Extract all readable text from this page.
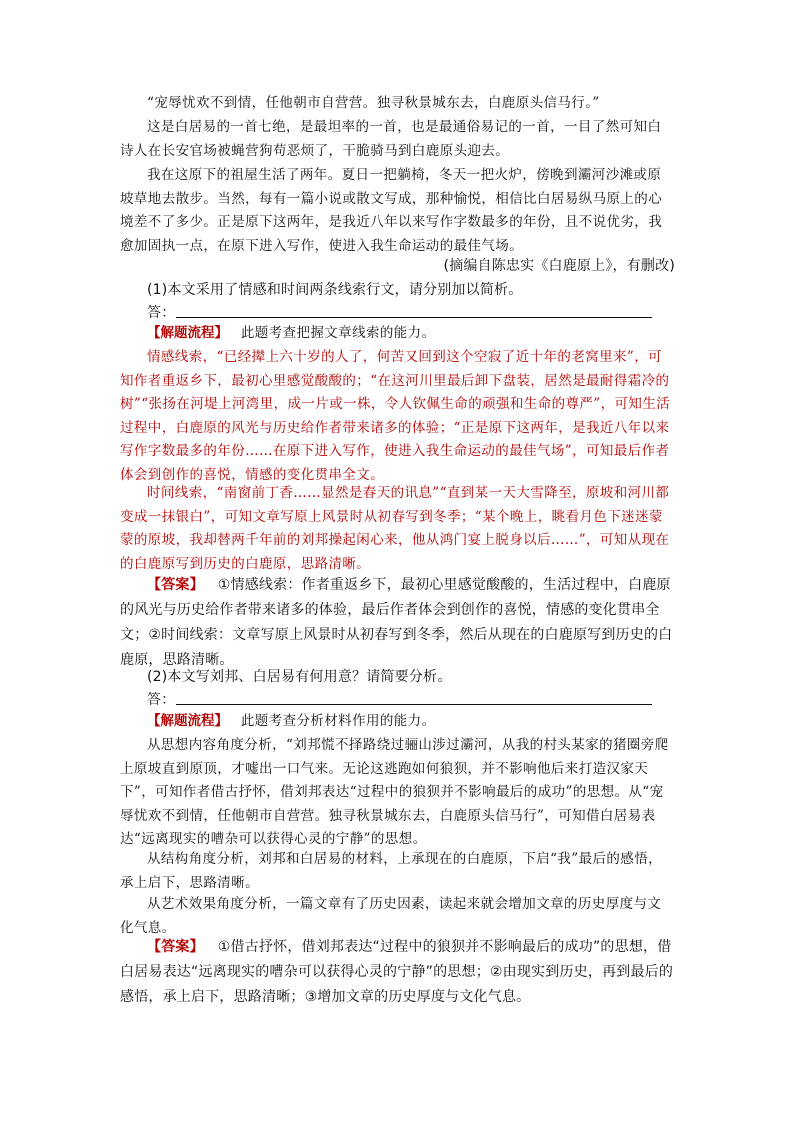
“宠辱忧欢不到情，任他朝市自营营。独寻秋景城东去，白鹿原头信马行。”

这是白居易的一首七绝，是最坦率的一首，也是最通俗易记的一首，一目了然可知白诗人在长安官场被蝇营狗苟恶烦了，干脆骑马到白鹿原头迎去。

我在这原下的祖屋生活了两年。夏日一把躺椅，冬天一把火炉，傍晚到灞河沙滩或原坡草地去散步。当然，每有一篇小说或散文写成，那种愉悦，相信比白居易纵马原上的心境差不了多少。正是原下这两年，是我近八年以来写作字数最多的年份，且不说优劣，我愈加固执一点，在原下进入写作，使进入我生命运动的最佳气场。

(摘编自陈忠实《白鹿原上》，有删改)

(1)本文采用了情感和时间两条线索行文，请分别加以简析。

答：

【解题流程】 此题考查把握文章线索的能力。

情感线索，“已经撵上六十岁的人了，何苦又回到这个空寂了近十年的老窝里来”，可知作者重返乡下，最初心里感觉酸酸的；“在这河川里最后卸下盘装，居然是最耐得霜冷的树”“张扬在河堤上河湾里，成一片或一株，令人钦佩生命的顽强和生命的尊严”，可知生活过程中，白鹿原的风光与历史给作者带来诸多的体验；“正是原下这两年，是我近八年以来写作字数最多的年份……在原下进入写作，使进入我生命运动的最佳气场”，可知最后作者体会到创作的喜悦，情感的变化贯串全文。

时间线索，“南窗前丁香……显然是春天的讯息”“直到某一天大雪降至，原坡和河川都变成一抹银白”，可知文章写原上风景时从初春写到冬季；“某个晚上，眺看月色下迷迷蒙蒙的原坡，我却替两千年前的刘邦操起闲心来，他从鸿门宴上脱身以后……”，可知从现在的白鹿原写到历史的白鹿原，思路清晰。

【答案】 ①情感线索：作者重返乡下，最初心里感觉酸酸的，生活过程中，白鹿原的风光与历史给作者带来诸多的体验，最后作者体会到创作的喜悦，情感的变化贯串全文；②时间线索：文章写原上风景时从初春写到冬季，然后从现在的白鹿原写到历史的白鹿原，思路清晰。

(2)本文写刘邦、白居易有何用意？请简要分析。

答：

【解题流程】 此题考查分析材料作用的能力。

从思想内容角度分析，“刘邦慌不择路绕过骊山涉过灞河，从我的村头某家的猪圈旁爬上原坡直到原顶，才嘘出一口气来。无论这逃跑如何狼狈，并不影响他后来打造汉家天下”，可知作者借古抒怀，借刘邦表达“过程中的狼狈并不影响最后的成功”的思想。从“宠辱忧欢不到情，任他朝市自营营。独寻秋景城东去，白鹿原头信马行”，可知借白居易表达“远离现实的嘈杂可以获得心灵的宁静”的思想。

从结构角度分析，刘邦和白居易的材料，上承现在的白鹿原，下启“我”最后的感悟，承上启下，思路清晰。

从艺术效果角度分析，一篇文章有了历史因素，读起来就会增加文章的历史厚度与文化气息。

【答案】 ①借古抒怀，借刘邦表达“过程中的狼狈并不影响最后的成功”的思想，借白居易表达“远离现实的嘈杂可以获得心灵的宁静”的思想；②由现实到历史，再到最后的感悟，承上启下，思路清晰；③增加文章的历史厚度与文化气息。
